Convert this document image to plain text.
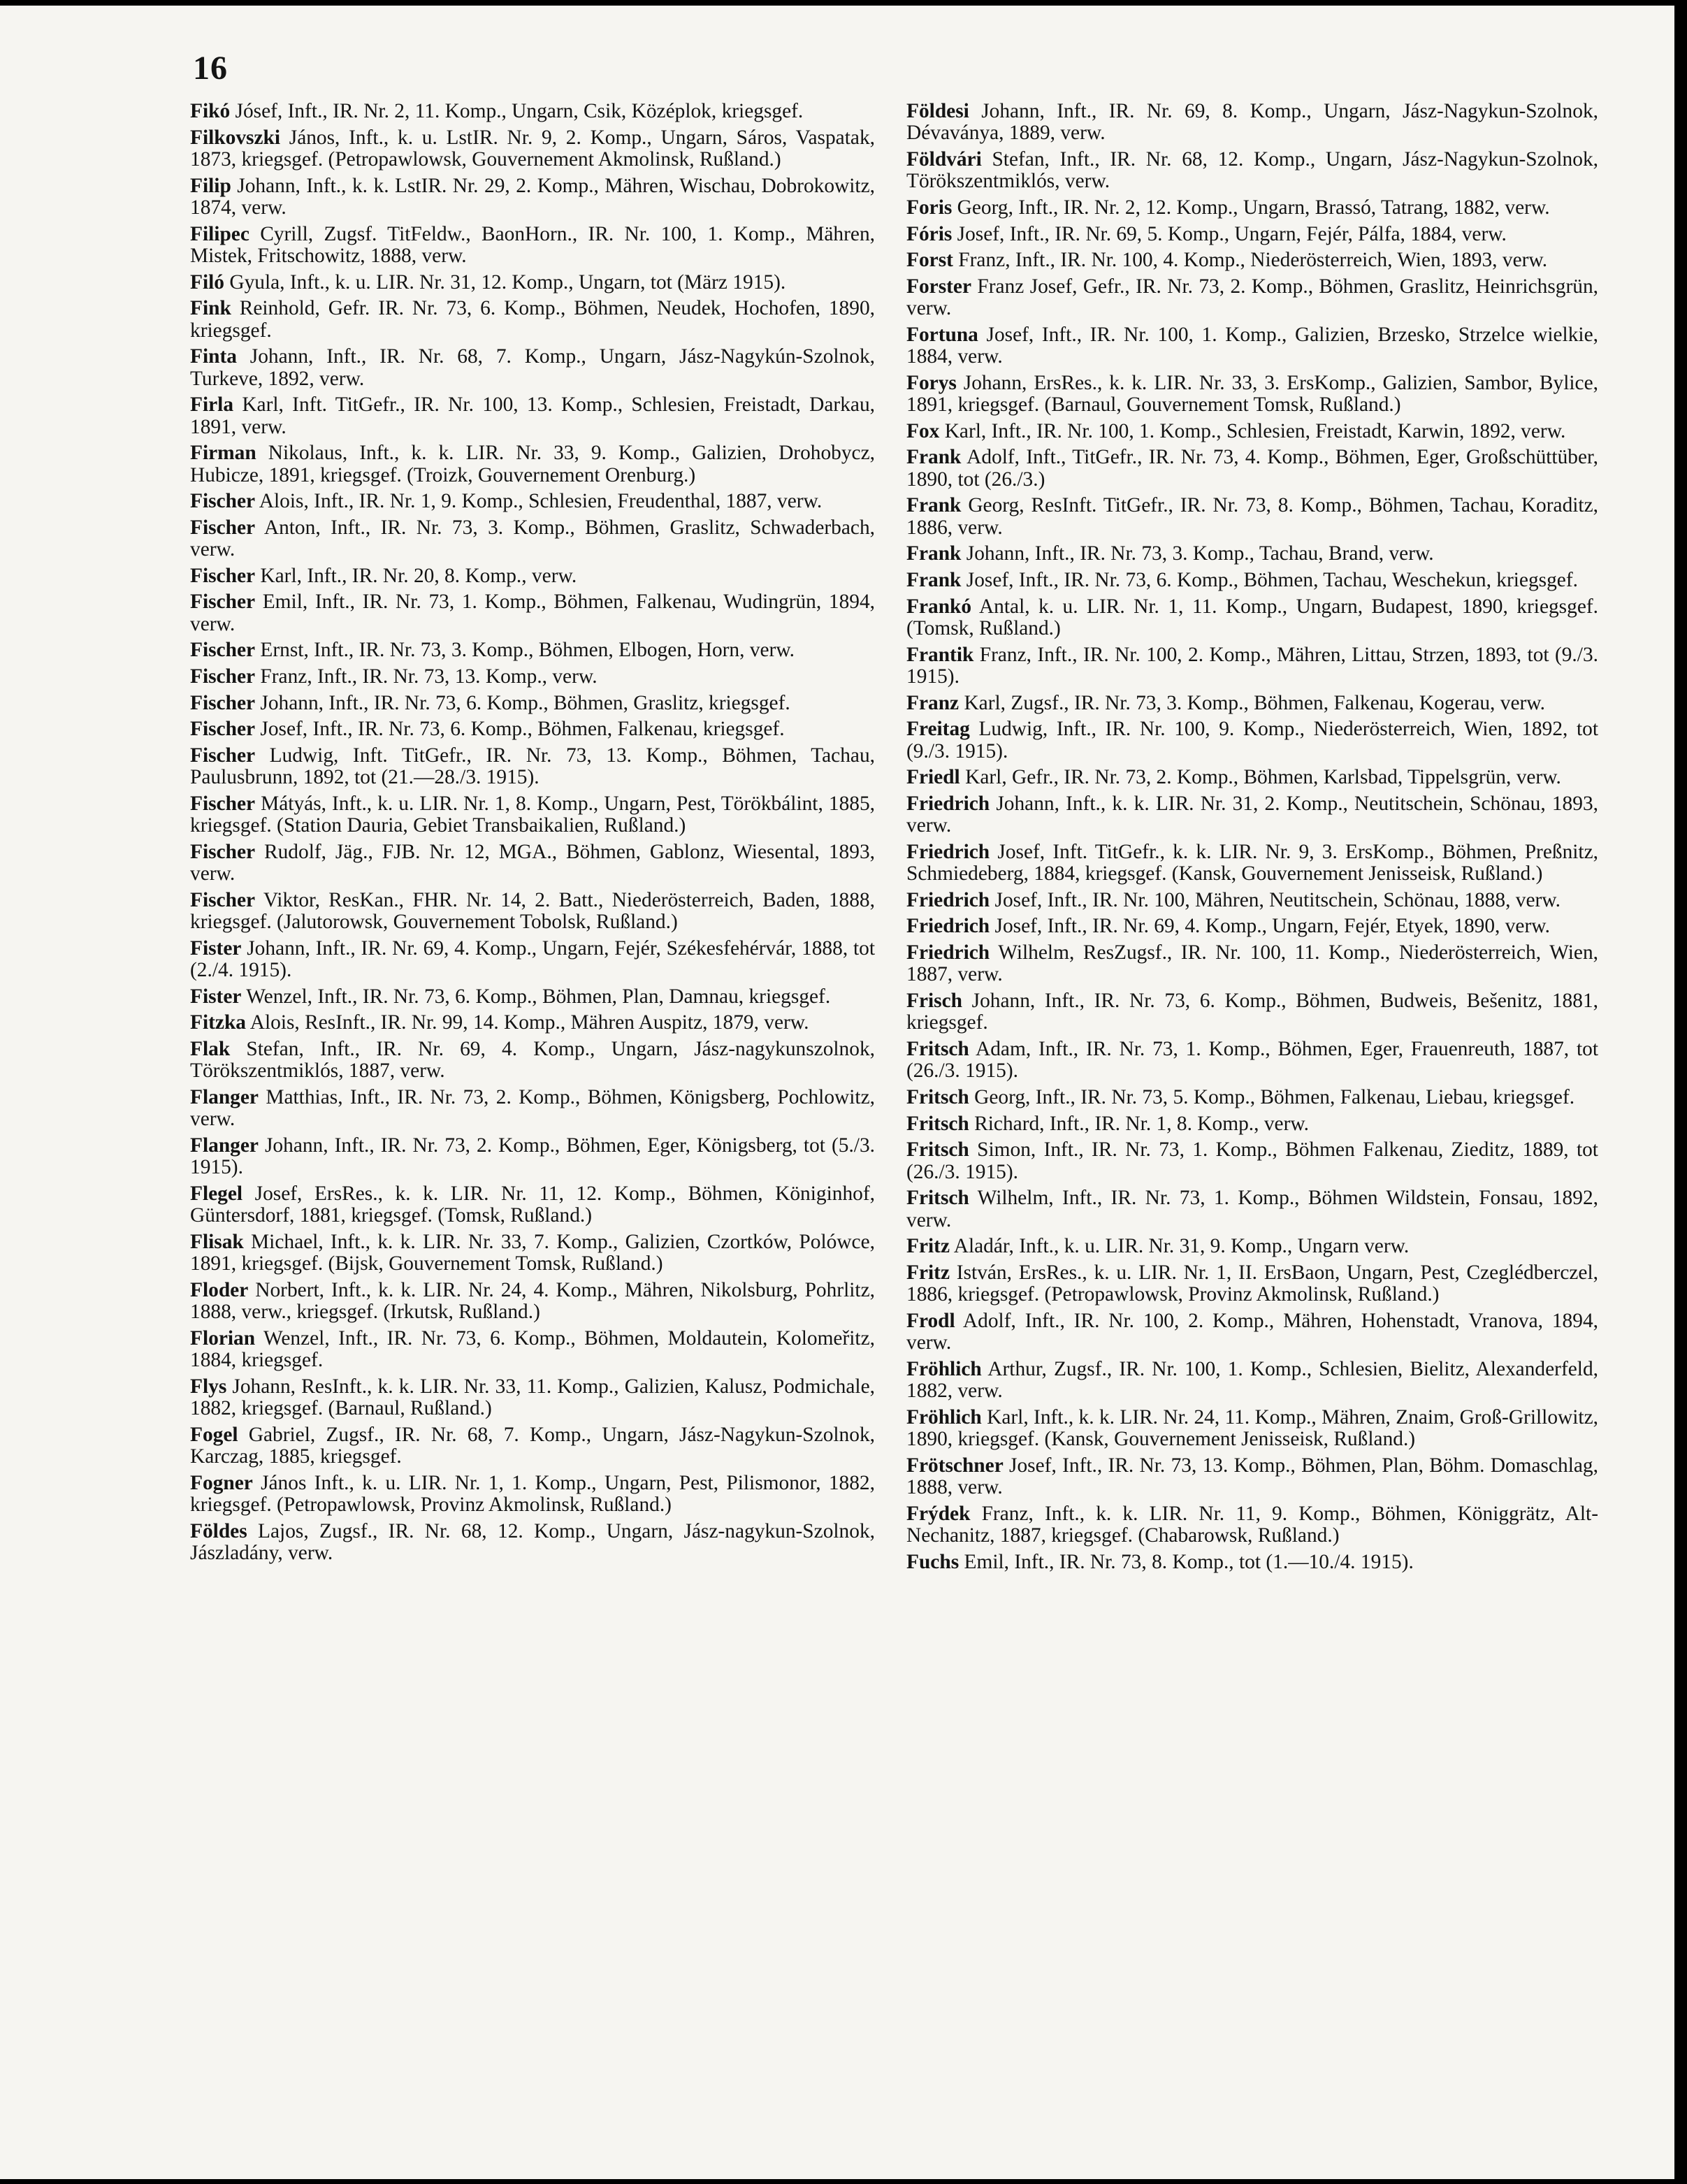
16
Fikó Jósef, Inft., IR. Nr. 2, 11. Komp., Ungarn, Csik, Középlok, kriegsgef.
Filkovszki János, Inft., k. u. LstIR. Nr. 9, 2. Komp., Ungarn, Sáros, Vaspatak, 1873, kriegsgef. (Petropawlowsk, Gouvernement Akmolinsk, Rußland.)
Filip Johann, Inft., k. k. LstIR. Nr. 29, 2. Komp., Mähren, Wischau, Dobrokowitz, 1874, verw.
Filipec Cyrill, Zugsf. TitFeldw., BaonHorn., IR. Nr. 100, 1. Komp., Mähren, Mistek, Fritschowitz, 1888, verw.
Filó Gyula, Inft., k. u. LIR. Nr. 31, 12. Komp., Ungarn, tot (März 1915).
Fink Reinhold, Gefr. IR. Nr. 73, 6. Komp., Böhmen, Neudek, Hochofen, 1890, kriegsgef.
Finta Johann, Inft., IR. Nr. 68, 7. Komp., Ungarn, Jász-Nagykún-Szolnok, Turkeve, 1892, verw.
Firla Karl, Inft. TitGefr., IR. Nr. 100, 13. Komp., Schlesien, Freistadt, Darkau, 1891, verw.
Firman Nikolaus, Inft., k. k. LIR. Nr. 33, 9. Komp., Galizien, Drohobycz, Hubicze, 1891, kriegsgef. (Troizk, Gouvernement Orenburg.)
Fischer Alois, Inft., IR. Nr. 1, 9. Komp., Schlesien, Freudenthal, 1887, verw.
Fischer Anton, Inft., IR. Nr. 73, 3. Komp., Böhmen, Graslitz, Schwaderbach, verw.
Fischer Karl, Inft., IR. Nr. 20, 8. Komp., verw.
Fischer Emil, Inft., IR. Nr. 73, 1. Komp., Böhmen, Falkenau, Wudingrün, 1894, verw.
Fischer Ernst, Inft., IR. Nr. 73, 3. Komp., Böhmen, Elbogen, Horn, verw.
Fischer Franz, Inft., IR. Nr. 73, 13. Komp., verw.
Fischer Johann, Inft., IR. Nr. 73, 6. Komp., Böhmen, Graslitz, kriegsgef.
Fischer Josef, Inft., IR. Nr. 73, 6. Komp., Böhmen, Falkenau, kriegsgef.
Fischer Ludwig, Inft. TitGefr., IR. Nr. 73, 13. Komp., Böhmen, Tachau, Paulusbrunn, 1892, tot (21.—28./3. 1915).
Fischer Mátyás, Inft., k. u. LIR. Nr. 1, 8. Komp., Ungarn, Pest, Törökbálint, 1885, kriegsgef. (Station Dauria, Gebiet Transbaikalien, Rußland.)
Fischer Rudolf, Jäg., FJB. Nr. 12, MGA., Böhmen, Gablonz, Wiesental, 1893, verw.
Fischer Viktor, ResKan., FHR. Nr. 14, 2. Batt., Niederösterreich, Baden, 1888, kriegsgef. (Jalutorowsk, Gouvernement Tobolsk, Rußland.)
Fister Johann, Inft., IR. Nr. 69, 4. Komp., Ungarn, Fejér, Székesfehérvár, 1888, tot (2./4. 1915).
Fister Wenzel, Inft., IR. Nr. 73, 6. Komp., Böhmen, Plan, Damnau, kriegsgef.
Fitzka Alois, ResInft., IR. Nr. 99, 14. Komp., Mähren Auspitz, 1879, verw.
Flak Stefan, Inft., IR. Nr. 69, 4. Komp., Ungarn, Jász-nagykunszolnok, Törökszentmiklós, 1887, verw.
Flanger Matthias, Inft., IR. Nr. 73, 2. Komp., Böhmen, Königsberg, Pochlowitz, verw.
Flanger Johann, Inft., IR. Nr. 73, 2. Komp., Böhmen, Eger, Königsberg, tot (5./3. 1915).
Flegel Josef, ErsRes., k. k. LIR. Nr. 11, 12. Komp., Böhmen, Königinhof, Güntersdorf, 1881, kriegsgef. (Tomsk, Rußland.)
Flisak Michael, Inft., k. k. LIR. Nr. 33, 7. Komp., Galizien, Czortków, Polówce, 1891, kriegsgef. (Bijsk, Gouvernement Tomsk, Rußland.)
Floder Norbert, Inft., k. k. LIR. Nr. 24, 4. Komp., Mähren, Nikolsburg, Pohrlitz, 1888, verw., kriegsgef. (Irkutsk, Rußland.)
Florian Wenzel, Inft., IR. Nr. 73, 6. Komp., Böhmen, Moldautein, Kolomeřitz, 1884, kriegsgef.
Flys Johann, ResInft., k. k. LIR. Nr. 33, 11. Komp., Galizien, Kalusz, Podmichale, 1882, kriegsgef. (Barnaul, Rußland.)
Fogel Gabriel, Zugsf., IR. Nr. 68, 7. Komp., Ungarn, Jász-Nagykun-Szolnok, Karczag, 1885, kriegsgef.
Fogner János Inft., k. u. LIR. Nr. 1, 1. Komp., Ungarn, Pest, Pilismonor, 1882, kriegsgef. (Petropawlowsk, Provinz Akmolinsk, Rußland.)
Földes Lajos, Zugsf., IR. Nr. 68, 12. Komp., Ungarn, Jász-nagykun-Szolnok, Jászladány, verw.
Földesi Johann, Inft., IR. Nr. 69, 8. Komp., Ungarn, Jász-Nagykun-Szolnok, Dévaványa, 1889, verw.
Földvári Stefan, Inft., IR. Nr. 68, 12. Komp., Ungarn, Jász-Nagykun-Szolnok, Törökszentmiklós, verw.
Foris Georg, Inft., IR. Nr. 2, 12. Komp., Ungarn, Brassó, Tatrang, 1882, verw.
Fóris Josef, Inft., IR. Nr. 69, 5. Komp., Ungarn, Fejér, Pálfa, 1884, verw.
Forst Franz, Inft., IR. Nr. 100, 4. Komp., Niederösterreich, Wien, 1893, verw.
Forster Franz Josef, Gefr., IR. Nr. 73, 2. Komp., Böhmen, Graslitz, Heinrichsgrün, verw.
Fortuna Josef, Inft., IR. Nr. 100, 1. Komp., Galizien, Brzesko, Strzelce wielkie, 1884, verw.
Forys Johann, ErsRes., k. k. LIR. Nr. 33, 3. ErsKomp., Galizien, Sambor, Bylice, 1891, kriegsgef. (Barnaul, Gouvernement Tomsk, Rußland.)
Fox Karl, Inft., IR. Nr. 100, 1. Komp., Schlesien, Freistadt, Karwin, 1892, verw.
Frank Adolf, Inft., TitGefr., IR. Nr. 73, 4. Komp., Böhmen, Eger, Großschüttüber, 1890, tot (26./3.)
Frank Georg, ResInft. TitGefr., IR. Nr. 73, 8. Komp., Böhmen, Tachau, Koraditz, 1886, verw.
Frank Johann, Inft., IR. Nr. 73, 3. Komp., Tachau, Brand, verw.
Frank Josef, Inft., IR. Nr. 73, 6. Komp., Böhmen, Tachau, Weschekun, kriegsgef.
Frankó Antal, k. u. LIR. Nr. 1, 11. Komp., Ungarn, Budapest, 1890, kriegsgef. (Tomsk, Rußland.)
Frantik Franz, Inft., IR. Nr. 100, 2. Komp., Mähren, Littau, Strzen, 1893, tot (9./3. 1915).
Franz Karl, Zugsf., IR. Nr. 73, 3. Komp., Böhmen, Falkenau, Kogerau, verw.
Freitag Ludwig, Inft., IR. Nr. 100, 9. Komp., Niederösterreich, Wien, 1892, tot (9./3. 1915).
Friedl Karl, Gefr., IR. Nr. 73, 2. Komp., Böhmen, Karlsbad, Tippelsgrün, verw.
Friedrich Johann, Inft., k. k. LIR. Nr. 31, 2. Komp., Neutitschein, Schönau, 1893, verw.
Friedrich Josef, Inft. TitGefr., k. k. LIR. Nr. 9, 3. ErsKomp., Böhmen, Preßnitz, Schmiedeberg, 1884, kriegsgef. (Kansk, Gouvernement Jenisseisk, Rußland.)
Friedrich Josef, Inft., IR. Nr. 100, Mähren, Neutitschein, Schönau, 1888, verw.
Friedrich Josef, Inft., IR. Nr. 69, 4. Komp., Ungarn, Fejér, Etyek, 1890, verw.
Friedrich Wilhelm, ResZugsf., IR. Nr. 100, 11. Komp., Niederösterreich, Wien, 1887, verw.
Frisch Johann, Inft., IR. Nr. 73, 6. Komp., Böhmen, Budweis, Bešenitz, 1881, kriegsgef.
Fritsch Adam, Inft., IR. Nr. 73, 1. Komp., Böhmen, Eger, Frauenreuth, 1887, tot (26./3. 1915).
Fritsch Georg, Inft., IR. Nr. 73, 5. Komp., Böhmen, Falkenau, Liebau, kriegsgef.
Fritsch Richard, Inft., IR. Nr. 1, 8. Komp., verw.
Fritsch Simon, Inft., IR. Nr. 73, 1. Komp., Böhmen Falkenau, Zieditz, 1889, tot (26./3. 1915).
Fritsch Wilhelm, Inft., IR. Nr. 73, 1. Komp., Böhmen Wildstein, Fonsau, 1892, verw.
Fritz Aladár, Inft., k. u. LIR. Nr. 31, 9. Komp., Ungarn verw.
Fritz István, ErsRes., k. u. LIR. Nr. 1, II. ErsBaon, Ungarn, Pest, Czeglédberczel, 1886, kriegsgef. (Petropawlowsk, Provinz Akmolinsk, Rußland.)
Frodl Adolf, Inft., IR. Nr. 100, 2. Komp., Mähren, Hohenstadt, Vranova, 1894, verw.
Fröhlich Arthur, Zugsf., IR. Nr. 100, 1. Komp., Schlesien, Bielitz, Alexanderfeld, 1882, verw.
Fröhlich Karl, Inft., k. k. LIR. Nr. 24, 11. Komp., Mähren, Znaim, Groß-Grillowitz, 1890, kriegsgef. (Kansk, Gouvernement Jenisseisk, Rußland.)
Frötschner Josef, Inft., IR. Nr. 73, 13. Komp., Böhmen, Plan, Böhm. Domaschlag, 1888, verw.
Frýdek Franz, Inft., k. k. LIR. Nr. 11, 9. Komp., Böhmen, Königgrätz, Alt-Nechanitz, 1887, kriegsgef. (Chabarowsk, Rußland.)
Fuchs Emil, Inft., IR. Nr. 73, 8. Komp., tot (1.—10./4. 1915).
